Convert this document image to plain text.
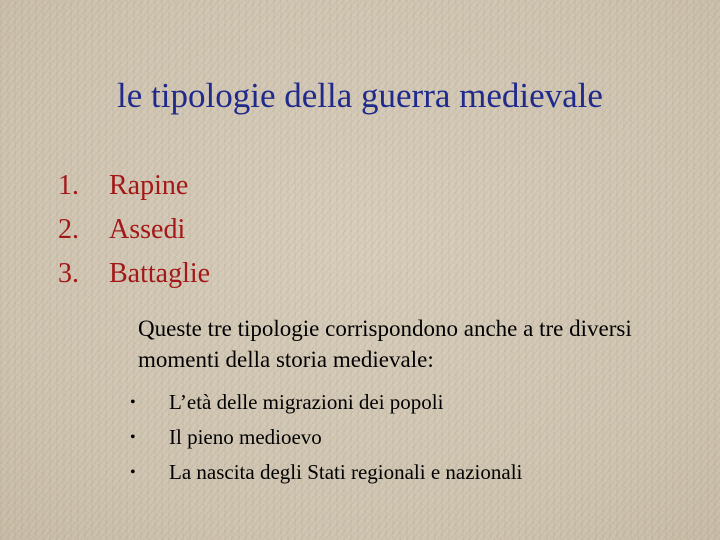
le tipologie della guerra medievale
1.	Rapine
2.	Assedi
3.	Battaglie

Queste tre tipologie corrispondono anche a tre diversi momenti della storia medievale:

•	L’età delle migrazioni dei popoli
•	Il pieno medioevo
•	La nascita degli Stati regionali e nazionali
